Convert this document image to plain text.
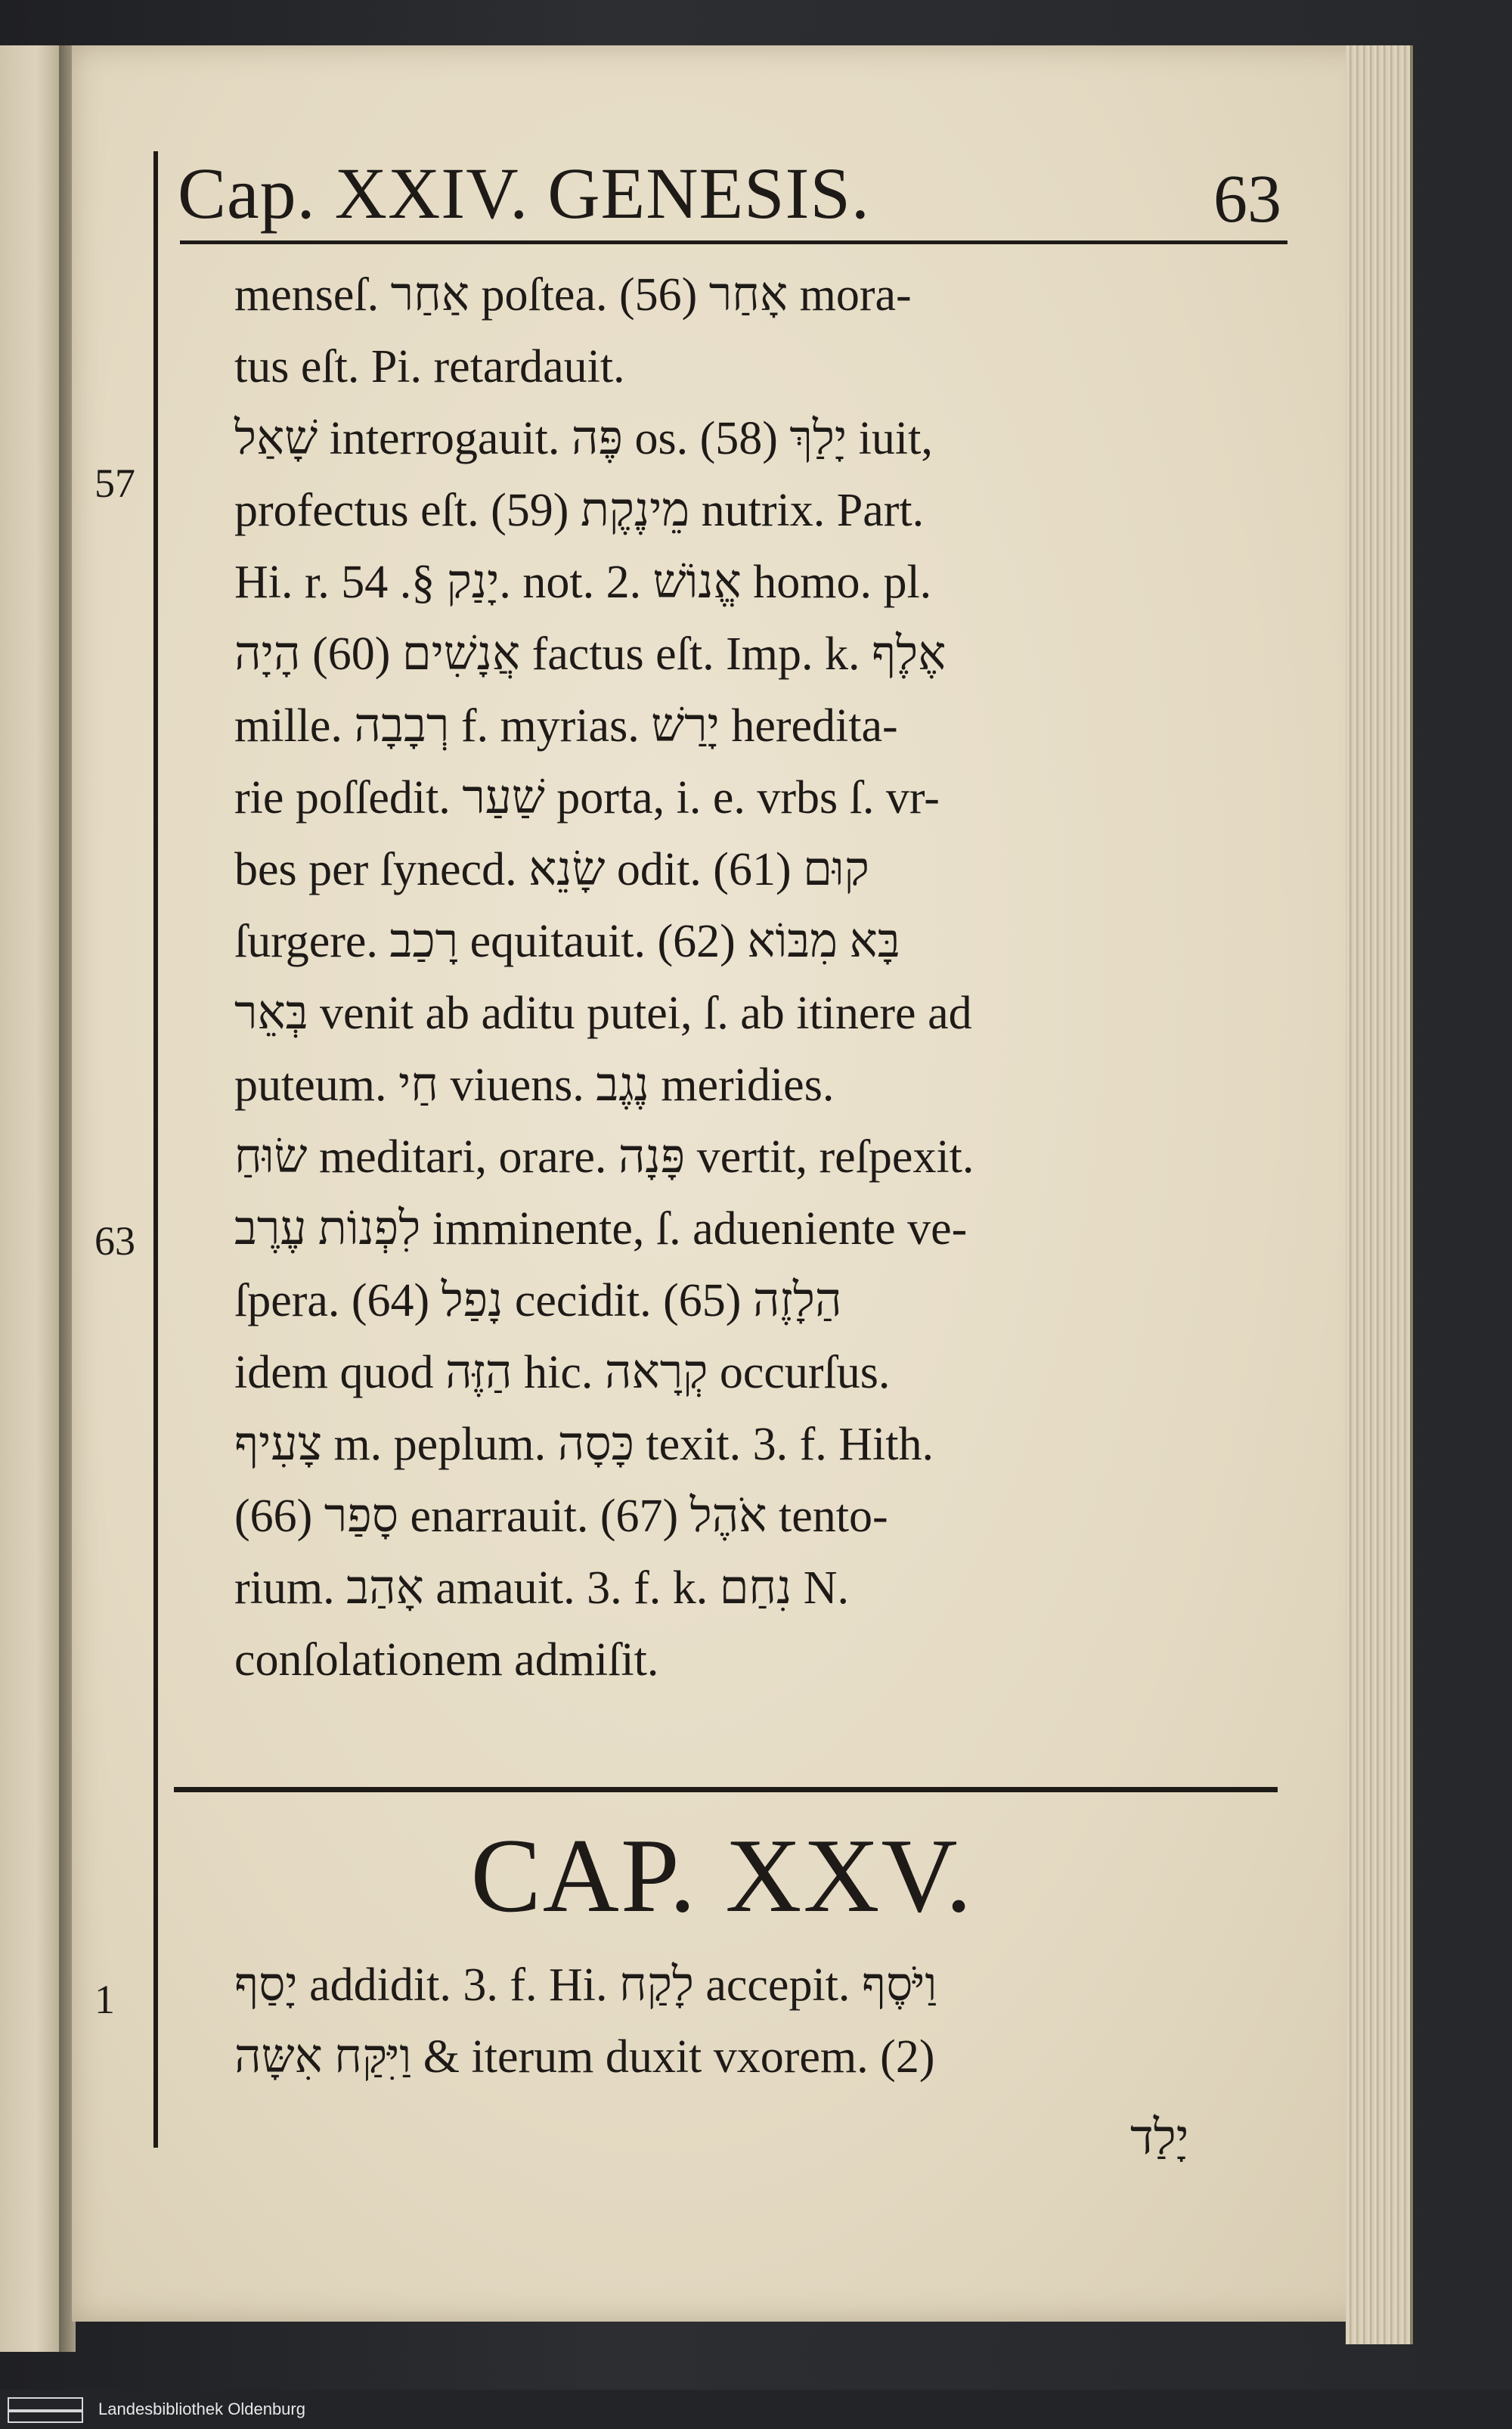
Cap. XXIV. GENESIS.	63
57
63
1
menseſ. אַחַר poſtea. (56) אָחַר mora-
tus eſt. Pi. retardauit.
שָׁאַל interrogauit. פֶּה os. (58) יָלַךְ iuit,
profectus eſt. (59) מֵינֶקֶת nutrix. Part.
Hi. r. יָנַק §. 54. not. 2. אֱנוֹשׁ homo. pl.
אֲנָשִׁים (60) הָיָה factus eſt. Imp. k. אֶלֶף
mille. רְבָבָה f. myrias. יָרַשׁ heredita-
rie poſſedit. שַׁעַר porta, i. e. vrbs ſ. vr-
bes per ſynecd. שָׂנֵא odit. (61) קוּם
ſurgere. רָכַב equitauit. (62) בָּא מִבּוֹא
בְּאֵר venit ab aditu putei, ſ. ab itinere ad
puteum. חַי viuens. נֶגֶב meridies.
שׂוּחַ meditari, orare. פָּנָה vertit, reſpexit.
לִפְנוֹת עֶרֶב imminente, ſ. adueniente ve-
ſpera. (64) נָפַל cecidit. (65) הַלָזֶה
idem quod הַזֶּה hic. קְרָאה occurſus.
צָעִיף m. peplum. כָּסָה texit. 3. f. Hith.
(66) סָפַר enarrauit. (67) אֹהֶל tento-
rium. אָהַב amauit. 3. f. k. נִחַם N.
conſolationem admiſit.
CAP. XXV.
יָסַף addidit. 3. f. Hi. לָקַח accepit. וַיֹּסֶף
וַיִּקַּח אִשָּה & iterum duxit vxorem. (2)
יָלַד
Landesbibliothek Oldenburg
